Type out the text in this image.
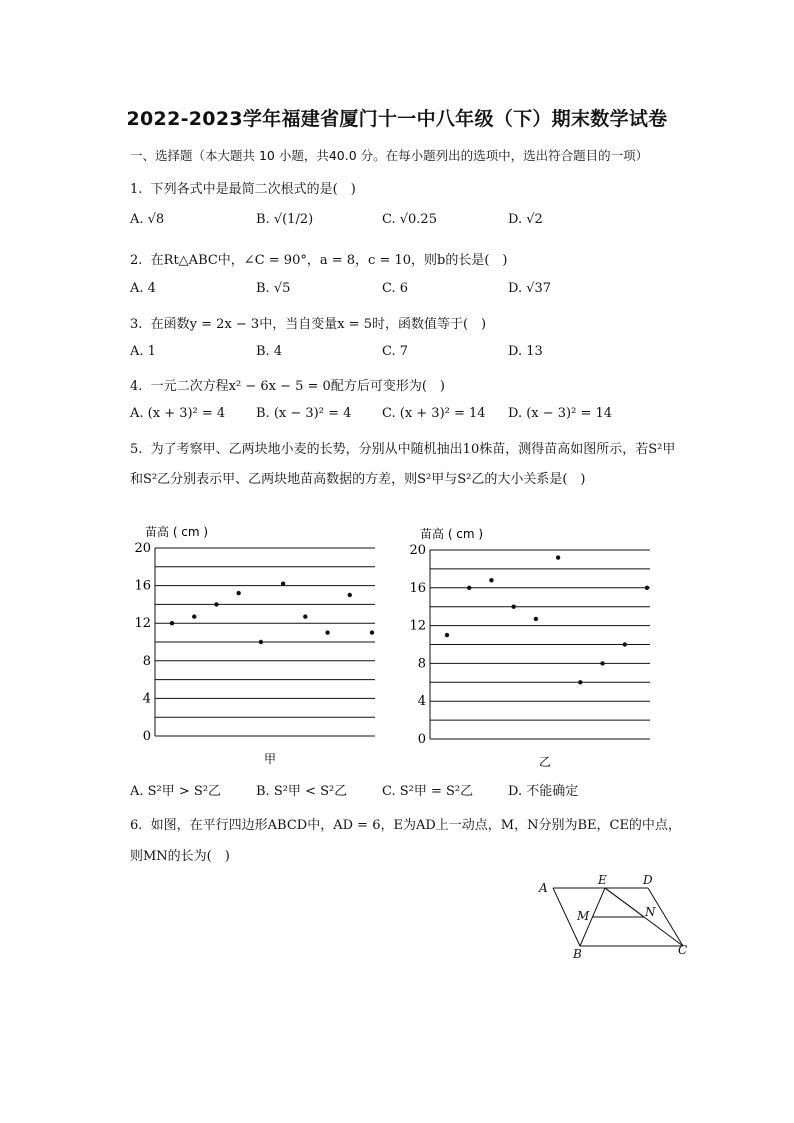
2022-2023学年福建省厦门十一中八年级（下）期末数学试卷
一、选择题（本大题共 10 小题，共40.0 分。在每小题列出的选项中，选出符合题目的一项）
1. 下列各式中是最简二次根式的是(　)
A. √8	B. √(1/2)	C. √0.25	D. √2
2. 在Rt△ABC中，∠C = 90°，a = 8，c = 10，则b的长是(　)
A. 4	B. √5	C. 6	D. √37
3. 在函数y = 2x − 3中，当自变量x = 5时，函数值等于(　)
A. 1	B. 4	C. 7	D. 13
4. 一元二次方程x² − 6x − 5 = 0配方后可变形为(　)
A. (x + 3)² = 4 B. (x − 3)² = 4 C. (x + 3)² = 14 D. (x − 3)² = 14
5. 为了考察甲、乙两块地小麦的长势，分别从中随机抽出10株苗，测得苗高如图所示，若S²甲
和S²乙分别表示甲、乙两块地苗高数据的方差，则S²甲与S²乙的大小关系是(　)
0
4
8
12
16
20
苗高 ( cm )
甲
0
4
8
12
16
20
苗高 ( cm )
乙
A. S²甲 > S²乙	B. S²甲 < S²乙	C. S²甲 = S²乙	D. 不能确定
6. 如图，在平行四边形ABCD中，AD = 6，E为AD上一动点，M，N分别为BE，CE的中点，
则MN的长为(　)
A
E	D
M	N
B	C
